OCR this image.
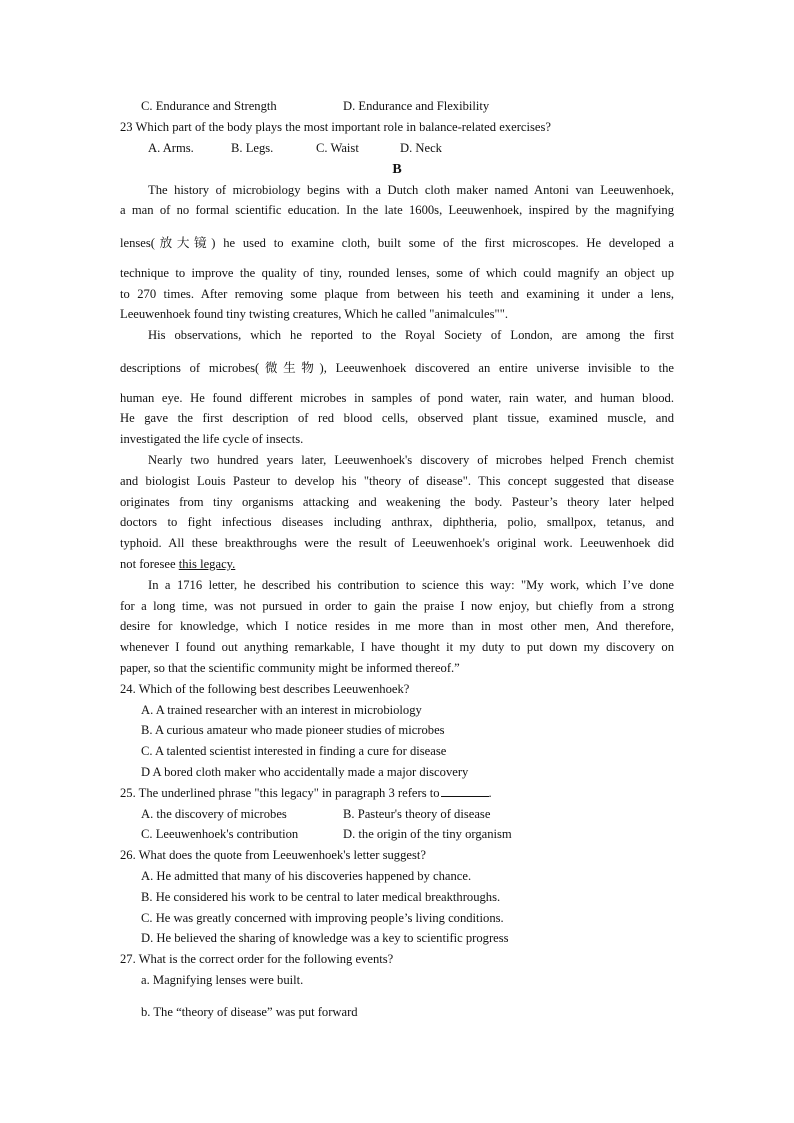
C. Endurance and Strength	D. Endurance and Flexibility
23 Which part of the body plays the most important role in balance-related exercises?
A. Arms.	B. Legs.	C. Waist	D. Neck
B
The history of microbiology begins with a Dutch cloth maker named Antoni van Leeuwenhoek,
a man of no formal scientific education. In the late 1600s, Leeuwenhoek, inspired by the magnifying
lenses(放大镜) he used to examine cloth, built some of the first microscopes. He developed a
technique to improve the quality of tiny, rounded lenses, some of which could magnify an object up
to 270 times. After removing some plaque from between his teeth and examining it under a lens,
Leeuwenhoek found tiny twisting creatures, Which he called "animalcules"".
His observations, which he reported to the Royal Society of London, are among the first
descriptions of microbes(微生物), Leeuwenhoek discovered an entire universe invisible to the
human eye. He found different microbes in samples of pond water, rain water, and human blood.
He gave the first description of red blood cells, observed plant tissue, examined muscle, and
investigated the life cycle of insects.
Nearly two hundred years later, Leeuwenhoek's discovery of microbes helped French chemist
and biologist Louis Pasteur to develop his "theory of disease". This concept suggested that disease
originates from tiny organisms attacking and weakening the body. Pasteur’s theory later helped
doctors to fight infectious diseases including anthrax, diphtheria, polio, smallpox, tetanus, and
typhoid. All these breakthroughs were the result of Leeuwenhoek's original work. Leeuwenhoek did
not foresee this legacy.
In a 1716 letter, he described his contribution to science this way: "My work, which I’ve done
for a long time, was not pursued in order to gain the praise I now enjoy, but chiefly from a strong
desire for knowledge, which I notice resides in me more than in most other men, And therefore,
whenever I found out anything remarkable, I have thought it my duty to put down my discovery on
paper, so that the scientific community might be informed thereof.”
24. Which of the following best describes Leeuwenhoek?
A. A trained researcher with an interest in microbiology
B. A curious amateur who made pioneer studies of microbes
C. A talented scientist interested in finding a cure for disease
D A bored cloth maker who accidentally made a major discovery
25. The underlined phrase "this legacy" in paragraph 3 refers to	.
A. the discovery of microbes	B. Pasteur's theory of disease
C. Leeuwenhoek's contribution	D. the origin of the tiny organism
26. What does the quote from Leeuwenhoek's letter suggest?
A. He admitted that many of his discoveries happened by chance.
B. He considered his work to be central to later medical breakthroughs.
C. He was greatly concerned with improving people’s living conditions.
D. He believed the sharing of knowledge was a key to scientific progress
27. What is the correct order for the following events?
a. Magnifying lenses were built.
b. The “theory of disease” was put forward
